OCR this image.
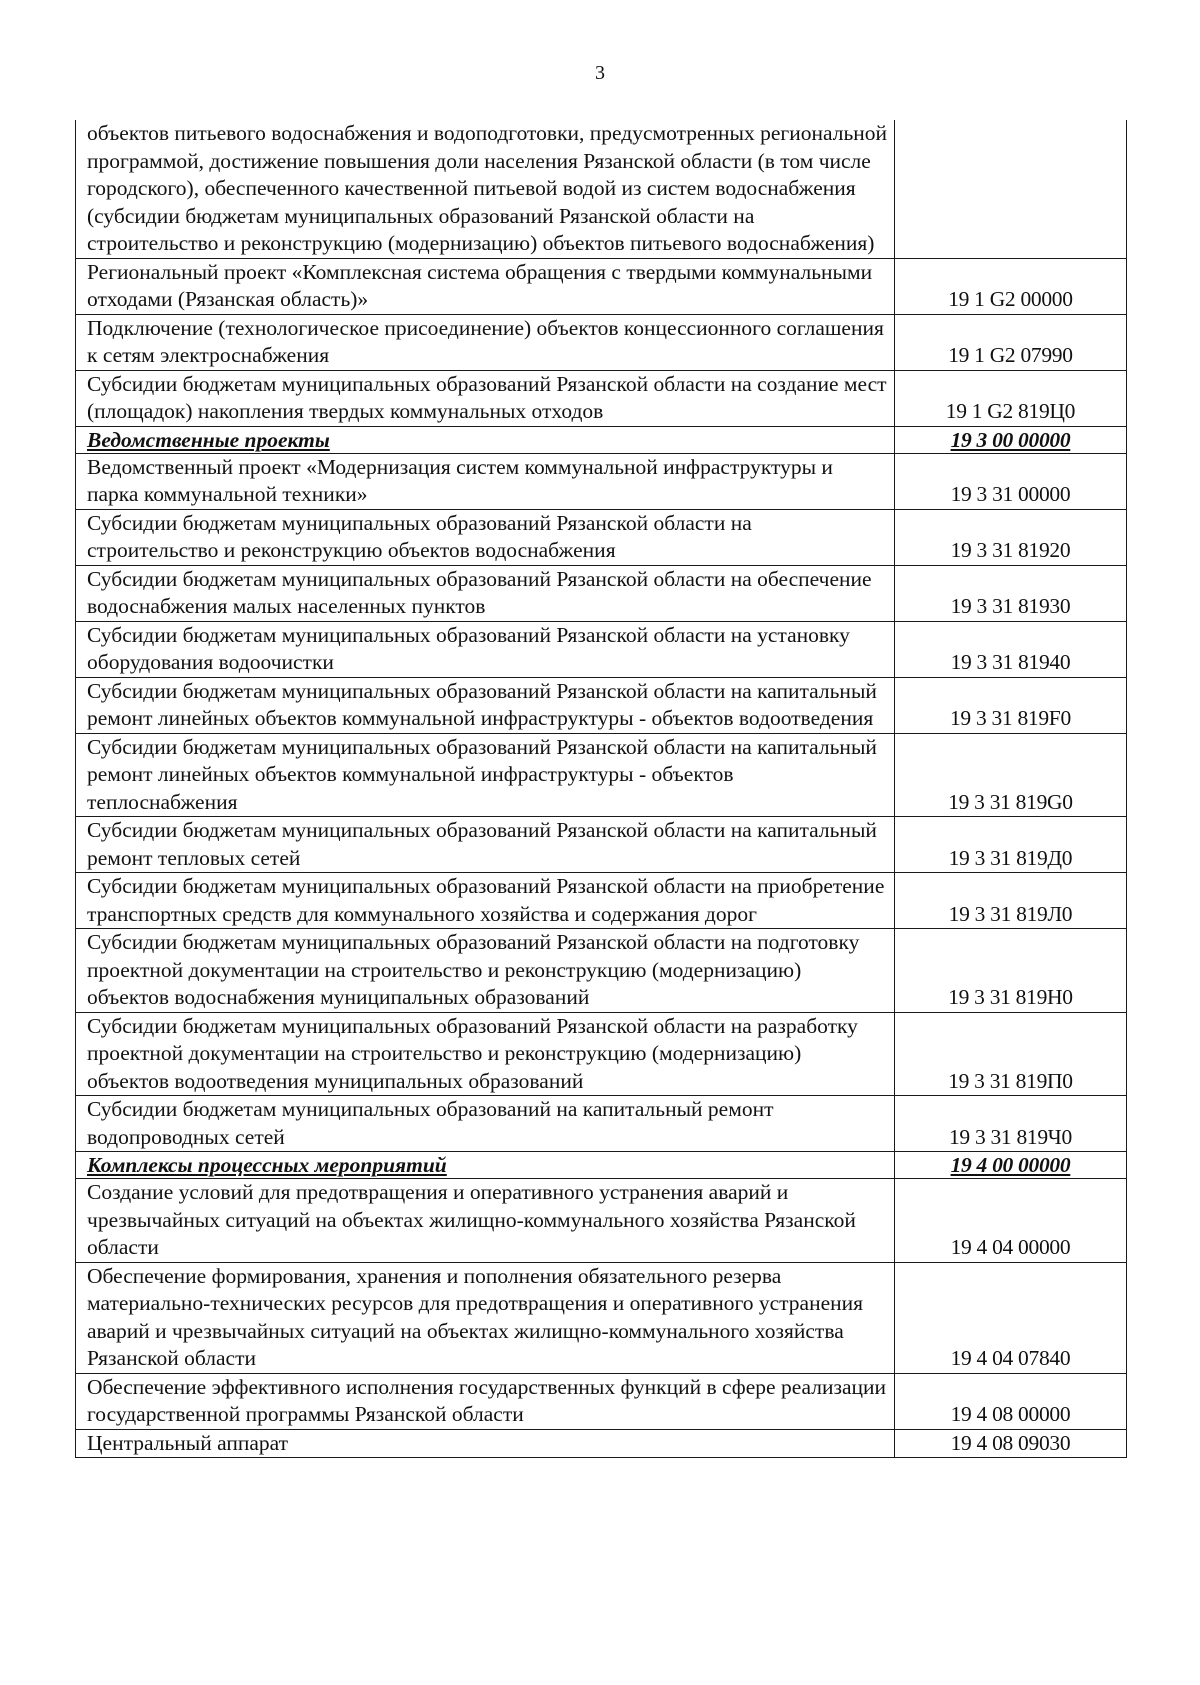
3
объектов питьевого водоснабжения и водоподготовки, предусмотренных региональной программой, достижение повышения доли населения Рязанской области (в том числе городского), обеспеченного качественной питьевой водой из систем водоснабжения (субсидии бюджетам муниципальных образований Рязанской области на строительство и реконструкцию (модернизацию) объектов питьевого водоснабжения)	
Региональный проект «Комплексная система обращения с твердыми коммунальными отходами (Рязанская область)»	19 1 G2 00000
Подключение (технологическое присоединение) объектов концессионного соглашения к сетям электроснабжения	19 1 G2 07990
Субсидии бюджетам муниципальных образований Рязанской области на создание мест (площадок) накопления твердых коммунальных отходов	19 1 G2 819Ц0
Ведомственные проекты	19 3 00 00000
Ведомственный проект «Модернизация систем коммунальной инфраструктуры и парка коммунальной техники»	19 3 31 00000
Субсидии бюджетам муниципальных образований Рязанской области на строительство и реконструкцию объектов водоснабжения	19 3 31 81920
Субсидии бюджетам муниципальных образований Рязанской области на обеспечение водоснабжения малых населенных пунктов	19 3 31 81930
Субсидии бюджетам муниципальных образований Рязанской области на установку оборудования водоочистки	19 3 31 81940
Субсидии бюджетам муниципальных образований Рязанской области на капитальный ремонт линейных объектов коммунальной инфраструктуры - объектов водоотведения	19 3 31 819F0
Субсидии бюджетам муниципальных образований Рязанской области на капитальный ремонт линейных объектов коммунальной инфраструктуры - объектов теплоснабжения	19 3 31 819G0
Субсидии бюджетам муниципальных образований Рязанской области на капитальный ремонт тепловых сетей	19 3 31 819Д0
Субсидии бюджетам муниципальных образований Рязанской области на приобретение транспортных средств для коммунального хозяйства и содержания дорог	19 3 31 819Л0
Субсидии бюджетам муниципальных образований Рязанской области на подготовку проектной документации на строительство и реконструкцию (модернизацию) объектов водоснабжения муниципальных образований	19 3 31 819Н0
Субсидии бюджетам муниципальных образований Рязанской области на разработку проектной документации на строительство и реконструкцию (модернизацию) объектов водоотведения муниципальных образований	19 3 31 819П0
Субсидии бюджетам муниципальных образований на капитальный ремонт водопроводных сетей	19 3 31 819Ч0
Комплексы процессных мероприятий	19 4 00 00000
Создание условий для предотвращения и оперативного устранения аварий и чрезвычайных ситуаций на объектах жилищно-коммунального хозяйства Рязанской области	19 4 04 00000
Обеспечение формирования, хранения и пополнения обязательного резерва материально-технических ресурсов для предотвращения и оперативного устранения аварий и чрезвычайных ситуаций на объектах жилищно-коммунального хозяйства Рязанской области	19 4 04 07840
Обеспечение эффективного исполнения государственных функций в сфере реализации государственной программы Рязанской области	19 4 08 00000
Центральный аппарат	19 4 08 09030
